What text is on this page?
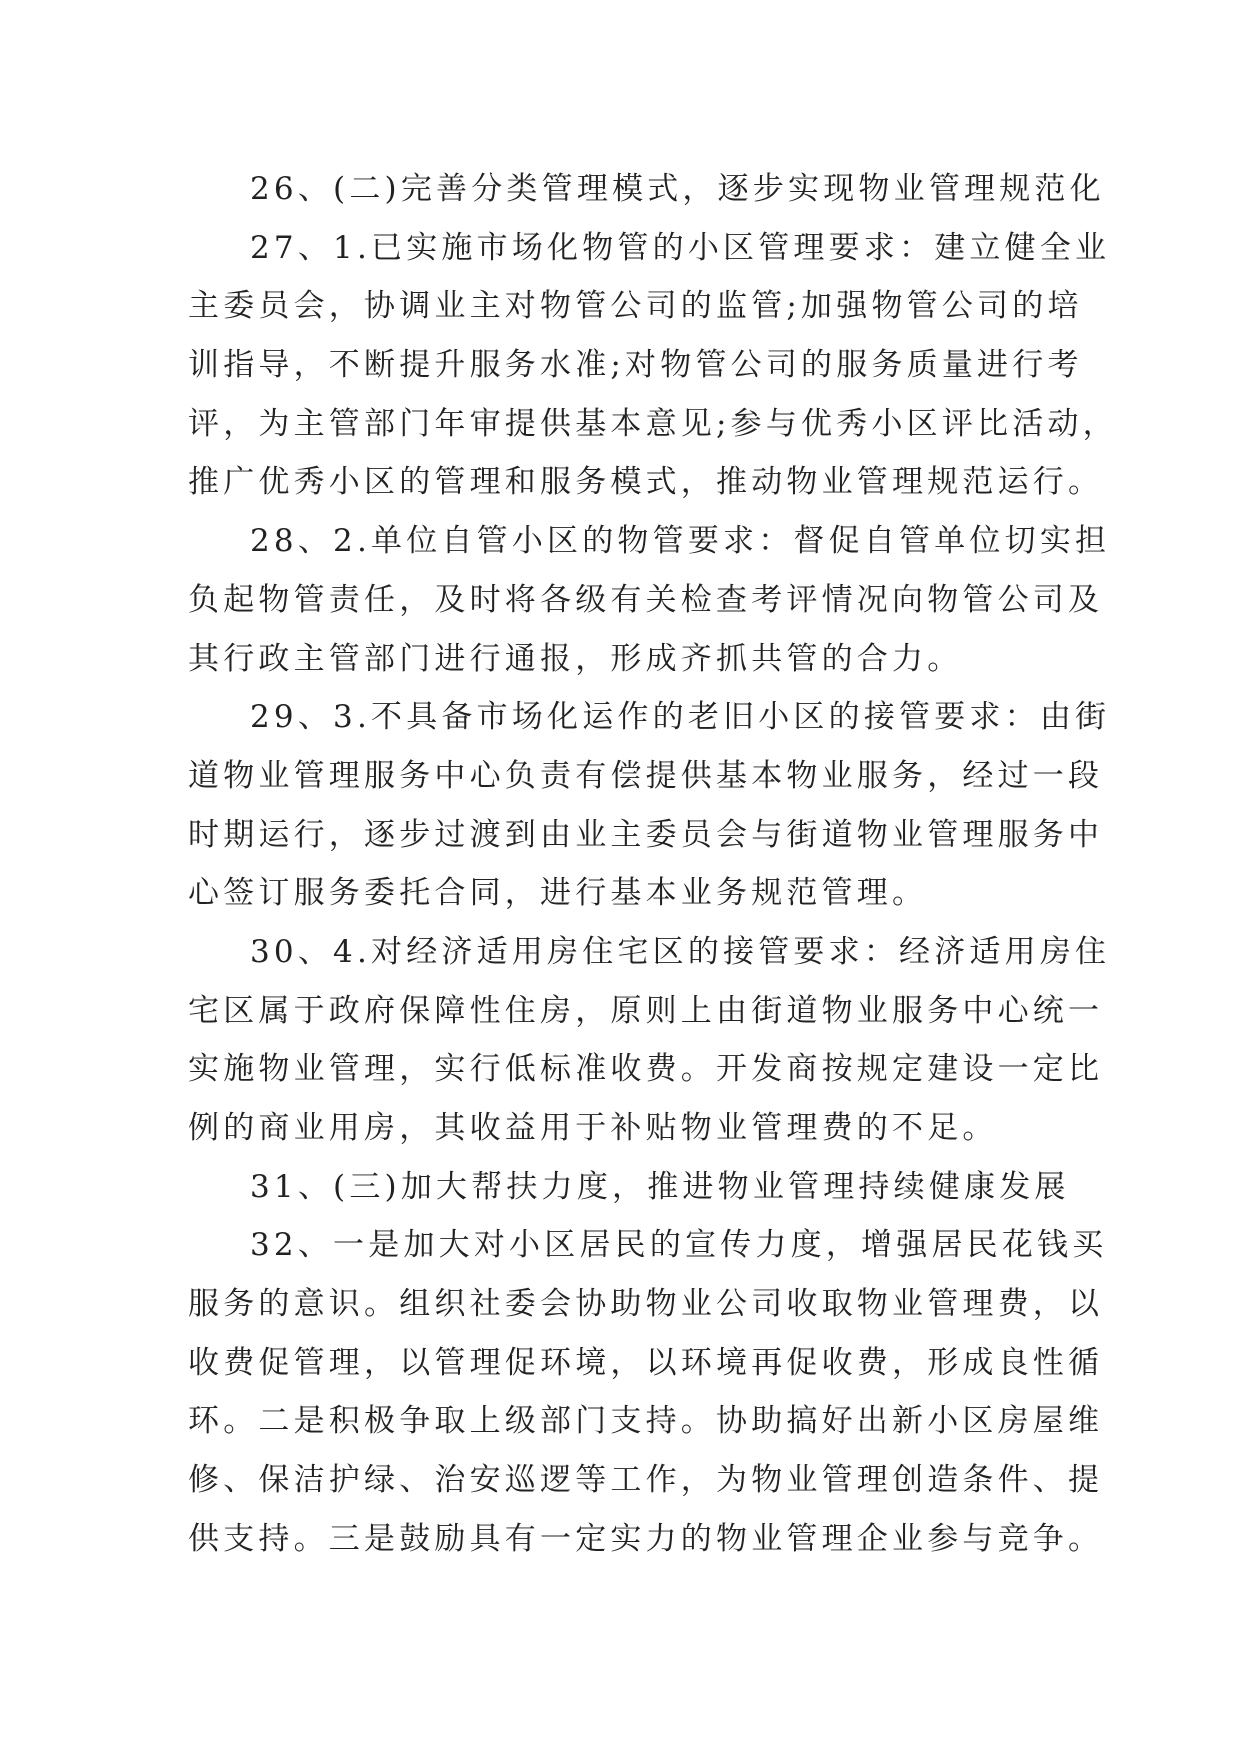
26、(二)完善分类管理模式，逐步实现物业管理规范化
27、1.已实施市场化物管的小区管理要求：建立健全业
主委员会，协调业主对物管公司的监管;加强物管公司的培
训指导，不断提升服务水准;对物管公司的服务质量进行考
评，为主管部门年审提供基本意见;参与优秀小区评比活动，
推广优秀小区的管理和服务模式，推动物业管理规范运行。
28、2.单位自管小区的物管要求：督促自管单位切实担
负起物管责任，及时将各级有关检查考评情况向物管公司及
其行政主管部门进行通报，形成齐抓共管的合力。
29、3.不具备市场化运作的老旧小区的接管要求：由街
道物业管理服务中心负责有偿提供基本物业服务，经过一段
时期运行，逐步过渡到由业主委员会与街道物业管理服务中
心签订服务委托合同，进行基本业务规范管理。
30、4.对经济适用房住宅区的接管要求：经济适用房住
宅区属于政府保障性住房，原则上由街道物业服务中心统一
实施物业管理，实行低标准收费。开发商按规定建设一定比
例的商业用房，其收益用于补贴物业管理费的不足。
31、(三)加大帮扶力度，推进物业管理持续健康发展
32、一是加大对小区居民的宣传力度，增强居民花钱买
服务的意识。组织社委会协助物业公司收取物业管理费，以
收费促管理，以管理促环境，以环境再促收费，形成良性循
环。二是积极争取上级部门支持。协助搞好出新小区房屋维
修、保洁护绿、治安巡逻等工作，为物业管理创造条件、提
供支持。三是鼓励具有一定实力的物业管理企业参与竞争。
